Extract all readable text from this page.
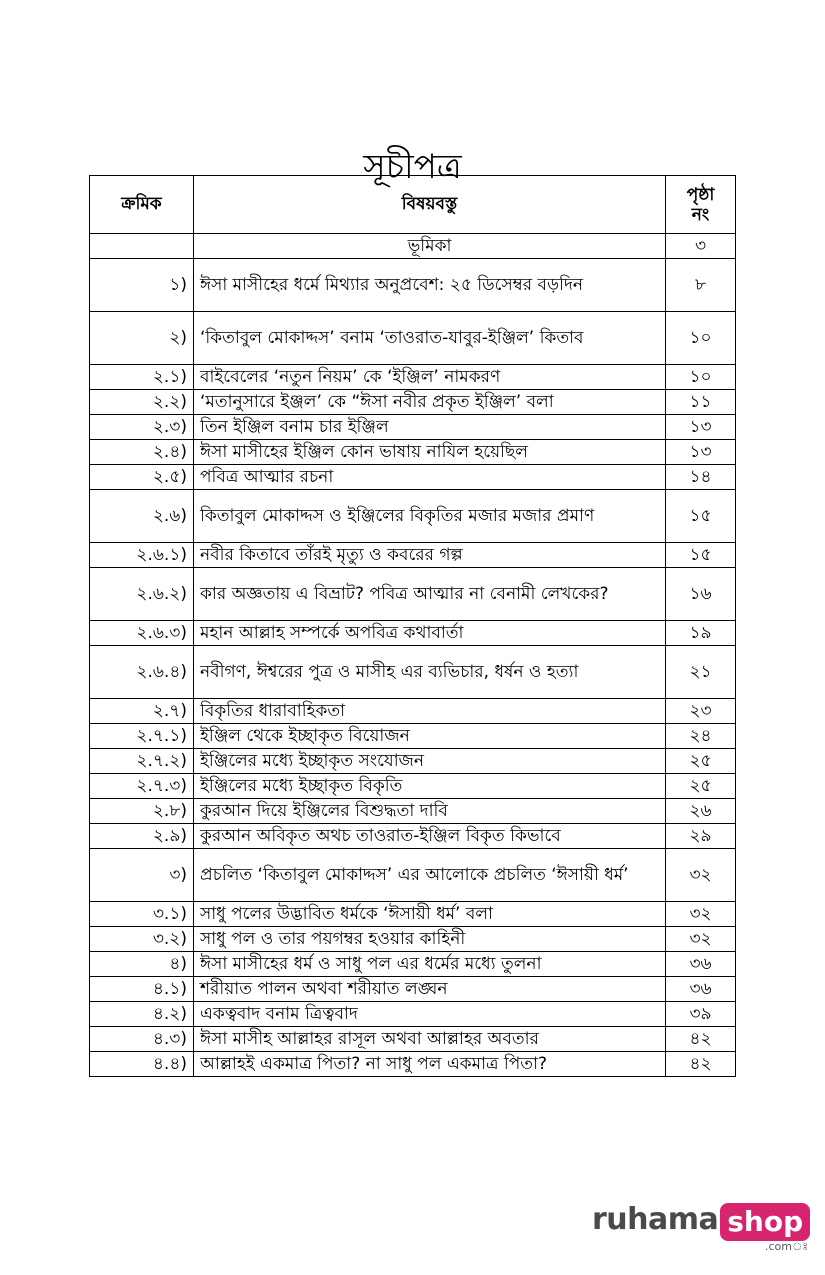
সূচীপত্র
ক্রমিক	বিষয়বস্তু	পৃষ্ঠা
নং

	ভূমিকা	৩
১)	ঈসা মাসীহের ধর্মে মিথ্যার অনুপ্রবেশ: ২৫ ডিসেম্বর বড়দিন	৮
২)	‘কিতাবুল মোকাদ্দস’ বনাম ‘তাওরাত-যাবুর-ইঞ্জিল’ কিতাব	১০
২.১)	বাইবেলের ‘নতুন নিয়ম’ কে ‘ইঞ্জিল’ নামকরণ	১০
২.২)	‘মতানুসারে ইঞ্জল’ কে “ঈসা নবীর প্রকৃত ইঞ্জিল’ বলা	১১
২.৩)	তিন ইঞ্জিল বনাম চার ইঞ্জিল	১৩
২.৪)	ঈসা মাসীহের ইঞ্জিল কোন ভাষায় নাযিল হয়েছিল	১৩
২.৫)	পবিত্র আত্মার রচনা	১৪
২.৬)	কিতাবুল মোকাদ্দস ও ইঞ্জিলের বিকৃতির মজার মজার প্রমাণ	১৫
২.৬.১)	নবীর কিতাবে তাঁরই মৃত্যু ও কবরের গল্প	১৫
২.৬.২)	কার অজ্ঞতায় এ বিভ্রাট? পবিত্র আত্মার না বেনামী লেখকের?	১৬
২.৬.৩)	মহান আল্লাহ সম্পর্কে অপবিত্র কথাবার্তা	১৯
২.৬.৪)	নবীগণ, ঈশ্বরের পুত্র ও মাসীহ এর ব্যভিচার, ধর্ষন ও হত্যা	২১
২.৭)	বিকৃতির ধারাবাহিকতা	২৩
২.৭.১)	ইঞ্জিল থেকে ইচ্ছাকৃত বিয়োজন	২৪
২.৭.২)	ইঞ্জিলের মধ্যে ইচ্ছাকৃত সংযোজন	২৫
২.৭.৩)	ইঞ্জিলের মধ্যে ইচ্ছাকৃত বিকৃতি	২৫
২.৮)	কুরআন দিয়ে ইঞ্জিলের বিশুদ্ধতা দাবি	২৬
২.৯)	কুরআন অবিকৃত অথচ তাওরাত-ইঞ্জিল বিকৃত কিভাবে	২৯
৩)	প্রচলিত ‘কিতাবুল মোকাদ্দস’ এর আলোকে প্রচলিত ‘ঈসায়ী ধর্ম’	৩২
৩.১)	সাধু পলের উদ্ভাবিত ধর্মকে ‘ঈসায়ী ধর্ম’ বলা	৩২
৩.২)	সাধু পল ও তার পয়গম্বর হওয়ার কাহিনী	৩২
৪)	ঈসা মাসীহের ধর্ম ও সাধু পল এর ধর্মের মধ্যে তুলনা	৩৬
৪.১)	শরীয়াত পালন অথবা শরীয়াত লঙ্ঘন	৩৬
৪.২)	একত্ববাদ বনাম ত্রিত্ববাদ	৩৯
৪.৩)	ঈসা মাসীহ আল্লাহর রাসূল অথবা আল্লাহর অবতার	৪২
৪.৪)	আল্লাহই একমাত্র পিতা? না সাধু পল একমাত্র পিতা?	৪২
ruhama shop
.comঃ
